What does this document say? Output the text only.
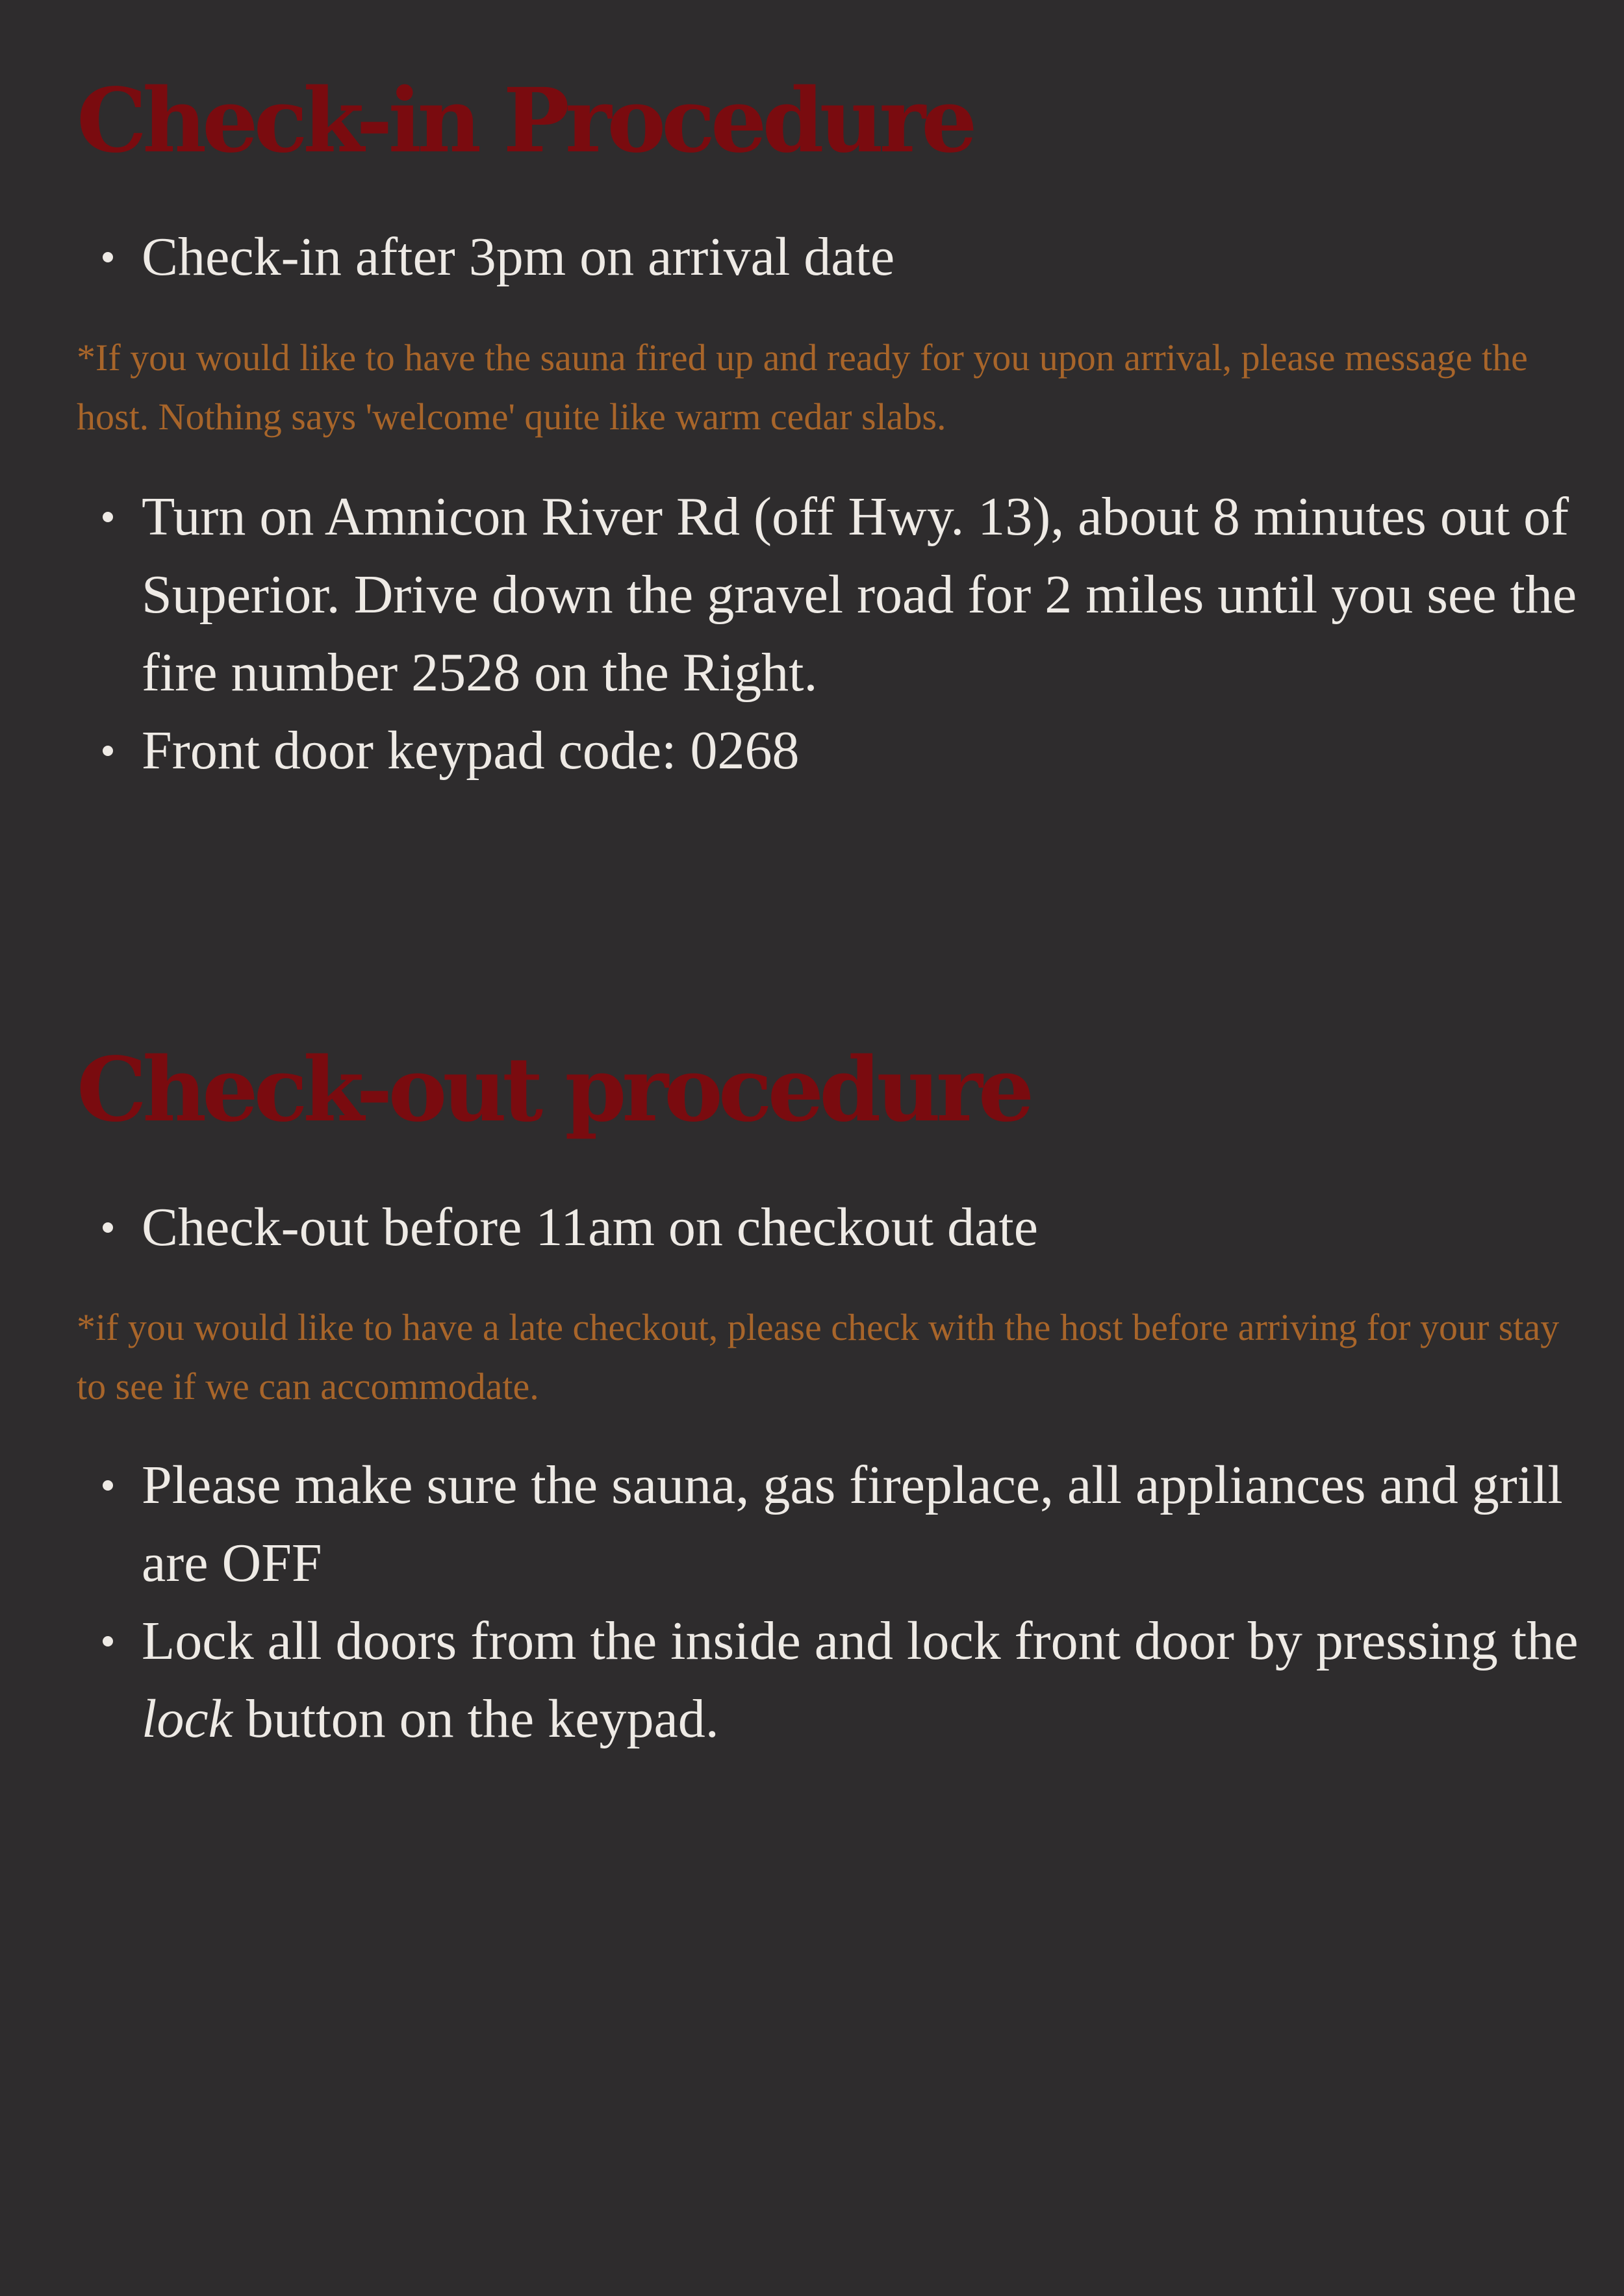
Check-in Procedure
Check-in after 3pm on arrival date

*If you would like to have the sauna fired up and ready for you upon arrival, please message the host. Nothing says 'welcome' quite like warm cedar slabs.

Turn on Amnicon River Rd (off Hwy. 13), about 8 minutes out of Superior. Drive down the gravel road for 2 miles until you see the fire number 2528 on the Right.
Front door keypad code: 0268
Check-out procedure
Check-out before 11am on checkout date

*if you would like to have a late checkout, please check with the host before arriving for your stay to see if we can accommodate.

Please make sure the sauna, gas fireplace, all appliances and grill are OFF
Lock all doors from the inside and lock front door by pressing the lock button on the keypad.
